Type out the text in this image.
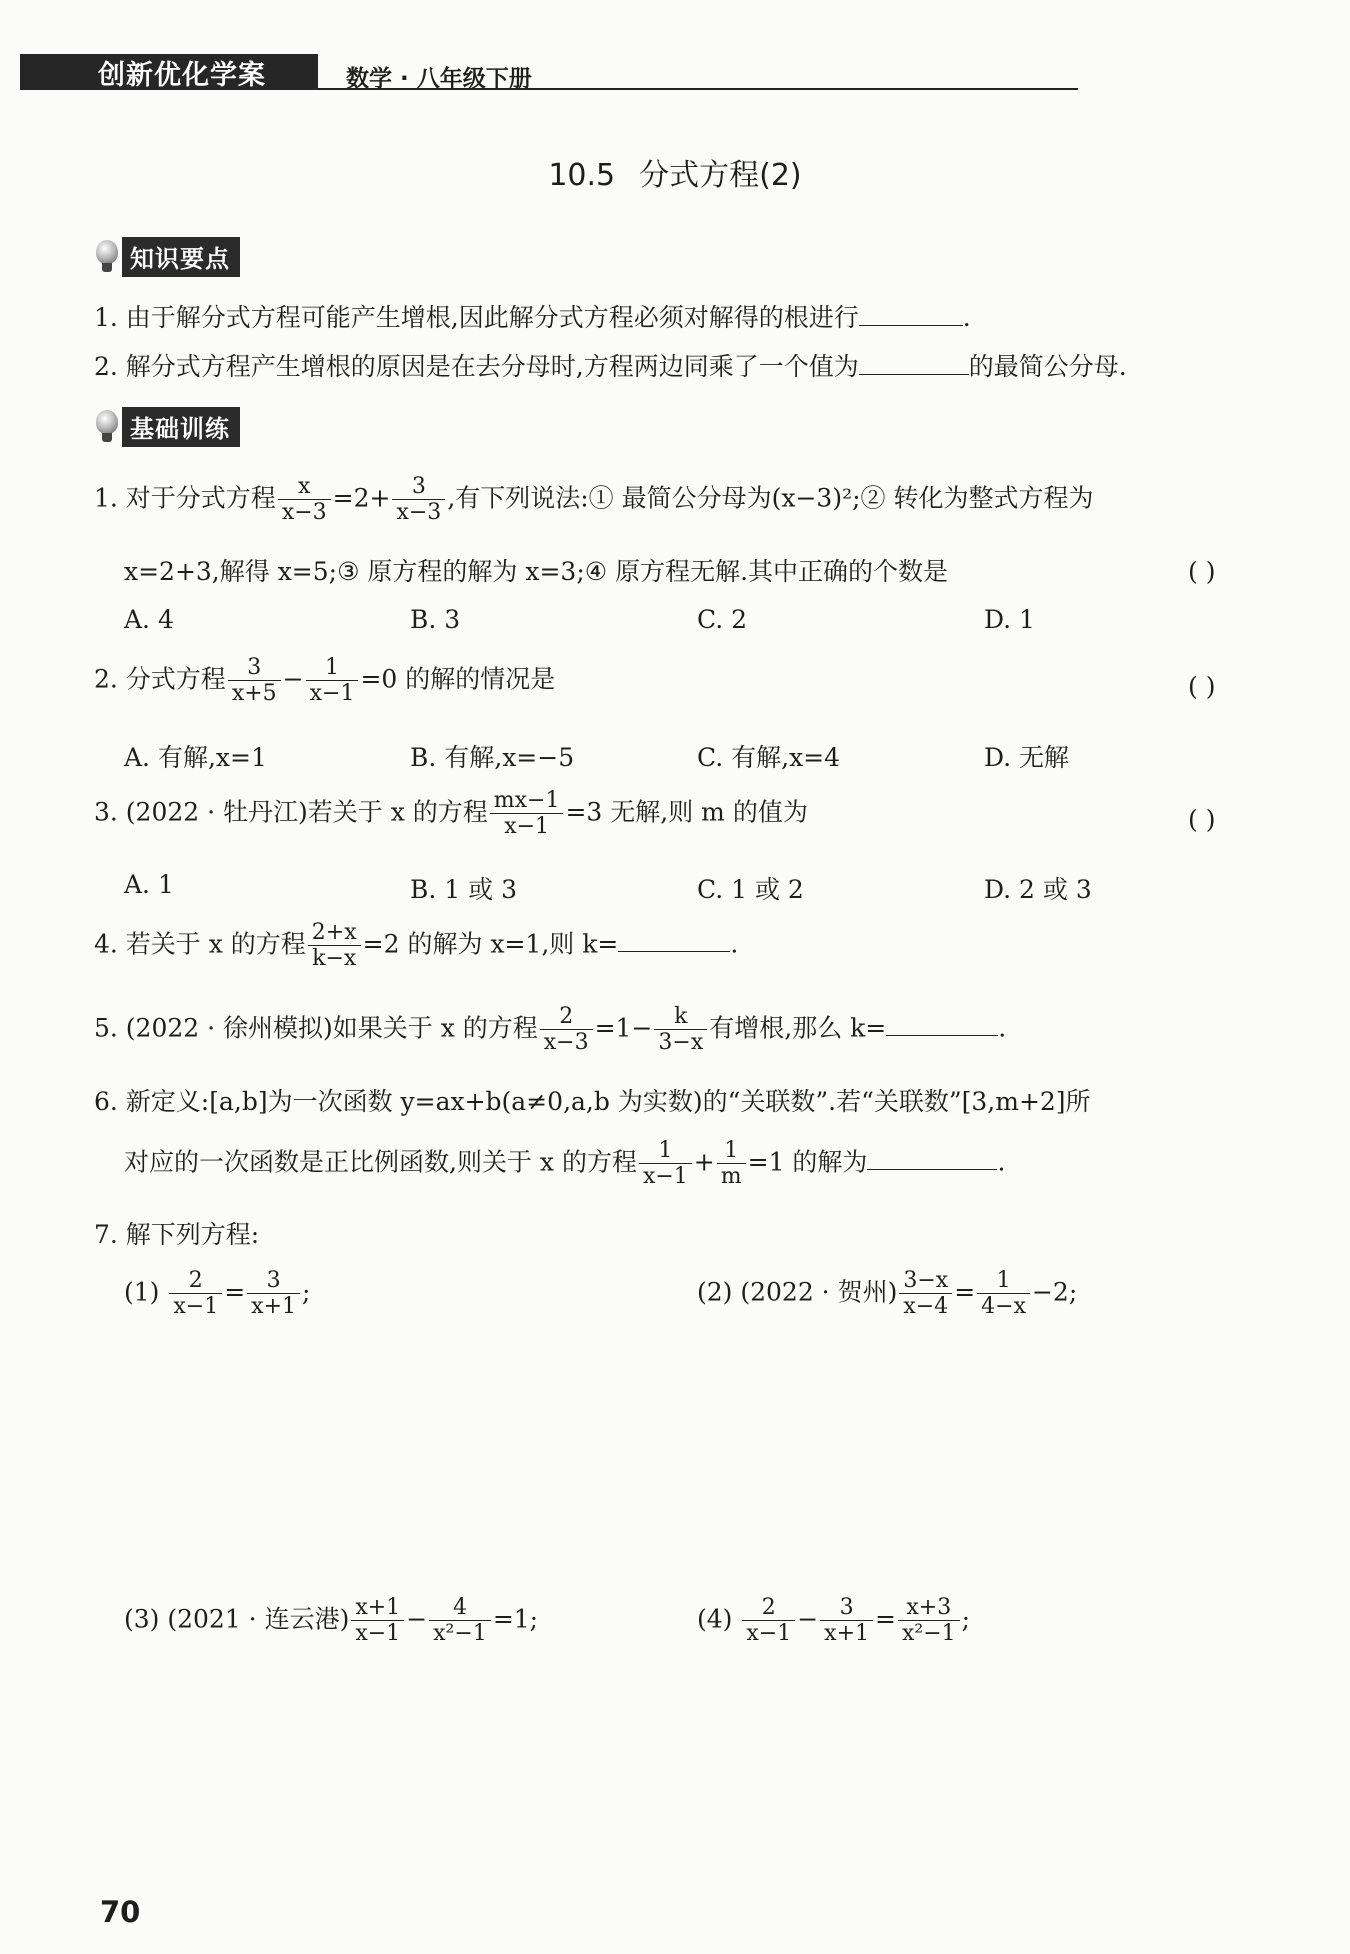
创新优化学案	数学 · 八年级下册
10.5 分式方程(2)
知识要点
1. 由于解分式方程可能产生增根,因此解分式方程必须对解得的根进行	.
2. 解分式方程产生增根的原因是在去分母时,方程两边同乘了一个值为	的最简公分母.
基础训练
1. 对于分式方程 $\frac{x}{x-3} =2+ \frac{3}{x-3}$ ,有下列说法:① 最简公分母为(x−3)²;② 转化为整式方程为
x=2+3,解得 x=5;③ 原方程的解为 x=3;④ 原方程无解.其中正确的个数是	( )
A. 4	B. 3	C. 2	D. 1
2. 分式方程 $\frac{3}{x+5} - \frac{1}{x-1} =0$ 的解的情况是	( )
A. 有解,x=1	B. 有解,x=−5	C. 有解,x=4	D. 无解
3. (2022 · 牡丹江)若关于 x 的方程 $\frac{mx-1}{x-1} =3$ 无解,则 m 的值为	( )
A. 1	B. 1 或 3	C. 1 或 2	D. 2 或 3
4. 若关于 x 的方程 $\frac{2+x}{k-x} =2$ 的解为 x=1,则 k=	.
5. (2022 · 徐州模拟)如果关于 x 的方程 $\frac{2}{x-3} =1- \frac{k}{3-x}$ 有增根,那么 k=	.
6. 新定义:[a,b]为一次函数 y=ax+b(a≠0,a,b 为实数)的“关联数”.若“关联数”[3,m+2]所
对应的一次函数是正比例函数,则关于 x 的方程 $\frac{1}{x-1} + \frac{1}{m} =1$ 的解为	.
7. 解下列方程:
$(1) \frac{2}{x-1} = \frac{3}{x+1}$ ;	(2) (2022 · 贺州) $\frac{3-x}{x-4} = \frac{1}{4-x} -2$;
(3) (2021 · 连云港) $\frac{x+1}{x-1} - \frac{4}{\text{x²−1}} =1$;	$(4) \frac{2}{x-1} - \frac{3}{x+1} = \frac{x+3}{\text{x²−1}}$ ;
70
